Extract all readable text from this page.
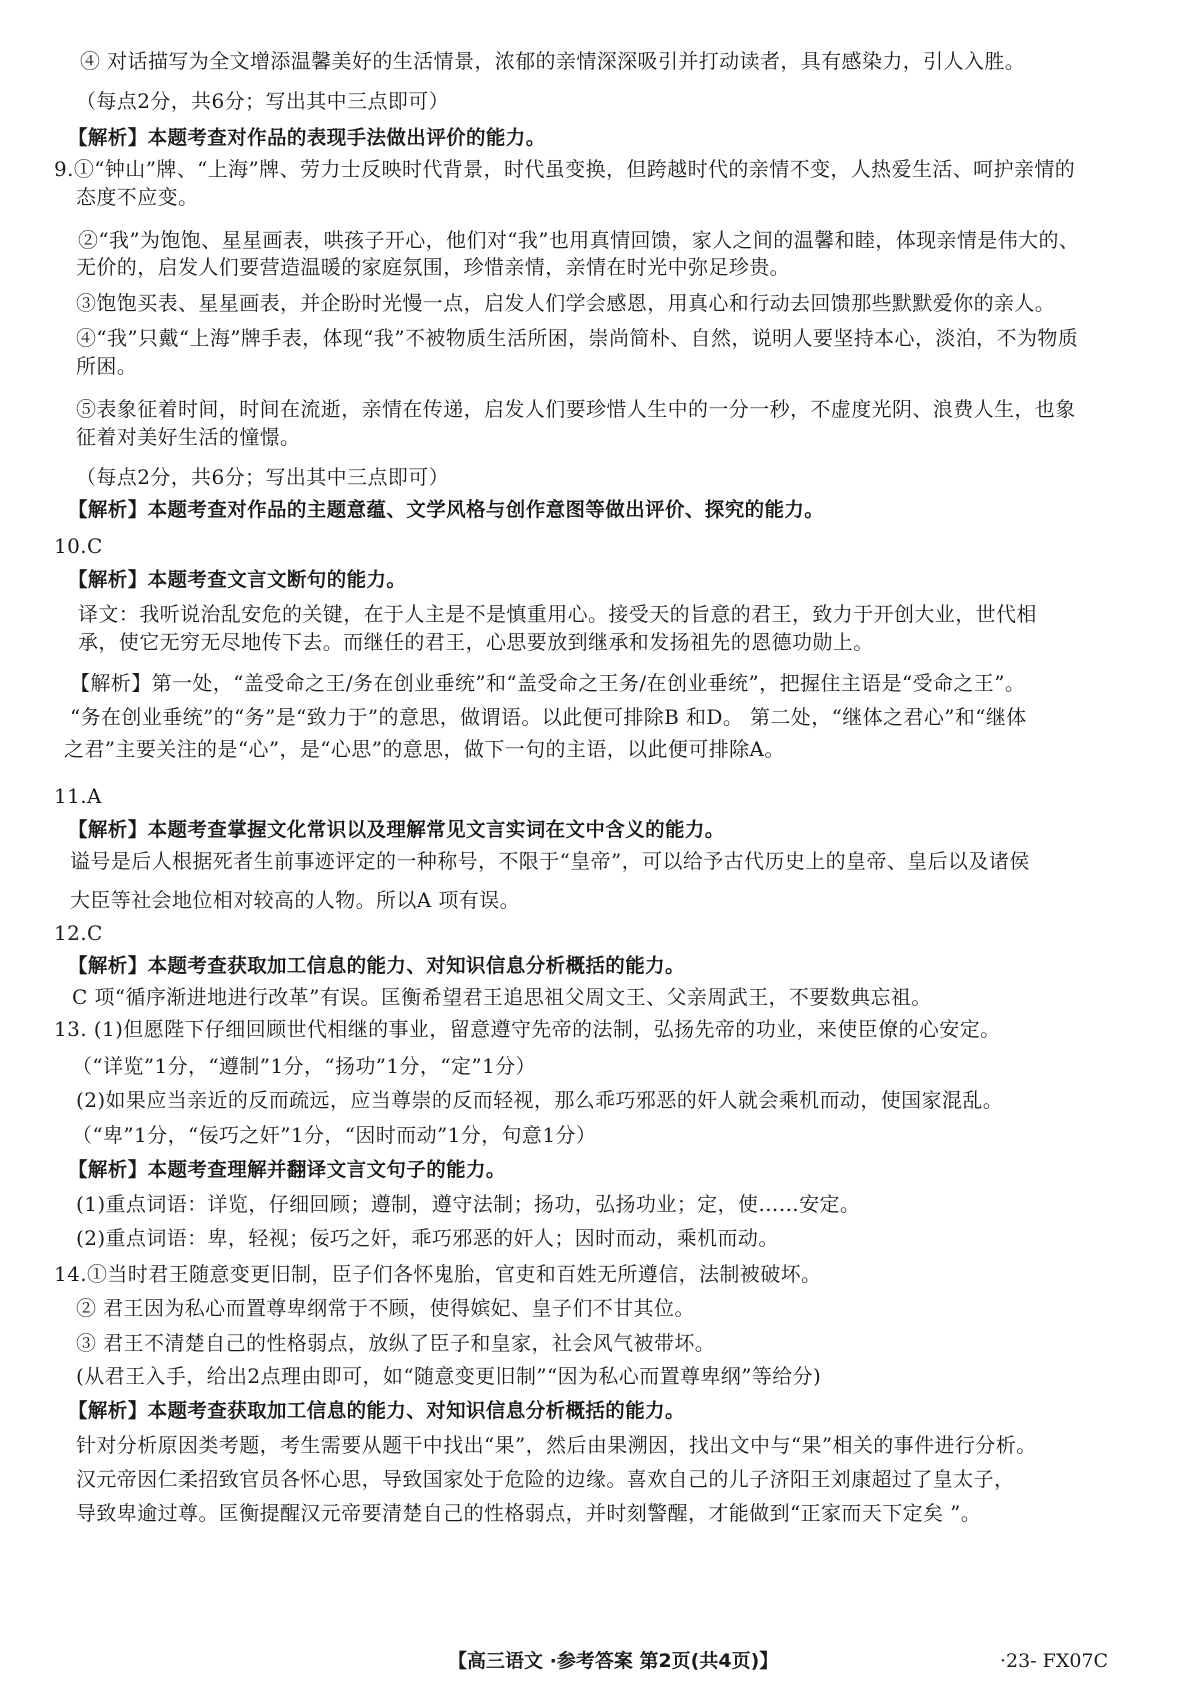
④ 对话描写为全文增添温馨美好的生活情景，浓郁的亲情深深吸引并打动读者，具有感染力，引人入胜。

（每点2分，共6分；写出其中三点即可）

【解析】本题考查对作品的表现手法做出评价的能力。

9.①“钟山”牌、“上海”牌、劳力士反映时代背景，时代虽变换，但跨越时代的亲情不变，人热爱生活、呵护亲情的

态度不应变。

②“我”为饱饱、星星画表，哄孩子开心，他们对“我”也用真情回馈，家人之间的温馨和睦，体现亲情是伟大的、

无价的，启发人们要营造温暖的家庭氛围，珍惜亲情，亲情在时光中弥足珍贵。

③饱饱买表、星星画表，并企盼时光慢一点，启发人们学会感恩，用真心和行动去回馈那些默默爱你的亲人。

④“我”只戴“上海”牌手表，体现“我”不被物质生活所困，崇尚简朴、自然，说明人要坚持本心，淡泊，不为物质

所困。

⑤表象征着时间，时间在流逝，亲情在传递，启发人们要珍惜人生中的一分一秒，不虚度光阴、浪费人生，也象

征着对美好生活的憧憬。

（每点2分，共6分；写出其中三点即可）

【解析】本题考查对作品的主题意蕴、文学风格与创作意图等做出评价、探究的能力。

10.C

【解析】本题考查文言文断句的能力。

译文：我听说治乱安危的关键，在于人主是不是慎重用心。接受天的旨意的君王，致力于开创大业，世代相

承，使它无穷无尽地传下去。而继任的君王，心思要放到继承和发扬祖先的恩德功勋上。

【解析】第一处，“盖受命之王/务在创业垂统”和“盖受命之王务/在创业垂统”，把握住主语是“受命之王”。

“务在创业垂统”的“务”是“致力于”的意思，做谓语。以此便可排除B 和D。 第二处，“继体之君心”和“继体

之君”主要关注的是“心”，是“心思”的意思，做下一句的主语，以此便可排除A。

11.A

【解析】本题考查掌握文化常识以及理解常见文言实词在文中含义的能力。

谥号是后人根据死者生前事迹评定的一种称号，不限于“皇帝”，可以给予古代历史上的皇帝、皇后以及诸侯

大臣等社会地位相对较高的人物。所以A 项有误。

12.C

【解析】本题考查获取加工信息的能力、对知识信息分析概括的能力。

C 项“循序渐进地进行改革”有误。匡衡希望君王追思祖父周文王、父亲周武王，不要数典忘祖。

13. (1)但愿陛下仔细回顾世代相继的事业，留意遵守先帝的法制，弘扬先帝的功业，来使臣僚的心安定。

（“详览”1分，“遵制”1分，“扬功”1分，“定”1分）

(2)如果应当亲近的反而疏远，应当尊崇的反而轻视，那么乖巧邪恶的奸人就会乘机而动，使国家混乱。

（“卑”1分，“佞巧之奸”1分，“因时而动”1分，句意1分）

【解析】本题考查理解并翻译文言文句子的能力。

(1)重点词语：详览，仔细回顾；遵制，遵守法制；扬功，弘扬功业；定，使……安定。

(2)重点词语：卑，轻视；佞巧之奸，乖巧邪恶的奸人；因时而动，乘机而动。

14.①当时君王随意变更旧制，臣子们各怀鬼胎，官吏和百姓无所遵信，法制被破坏。

② 君王因为私心而置尊卑纲常于不顾，使得嫔妃、皇子们不甘其位。

③ 君王不清楚自己的性格弱点，放纵了臣子和皇家，社会风气被带坏。

(从君王入手，给出2点理由即可，如“随意变更旧制”“因为私心而置尊卑纲”等给分)

【解析】本题考查获取加工信息的能力、对知识信息分析概括的能力。

针对分析原因类考题，考生需要从题干中找出“果”，然后由果溯因，找出文中与“果”相关的事件进行分析。

汉元帝因仁柔招致官员各怀心思，导致国家处于危险的边缘。喜欢自己的儿子济阳王刘康超过了皇太子，

导致卑逾过尊。匡衡提醒汉元帝要清楚自己的性格弱点，并时刻警醒，才能做到“正家而天下定矣 ”。

【高三语文 ·参考答案 第2页(共4页)】	·23- FX07C
